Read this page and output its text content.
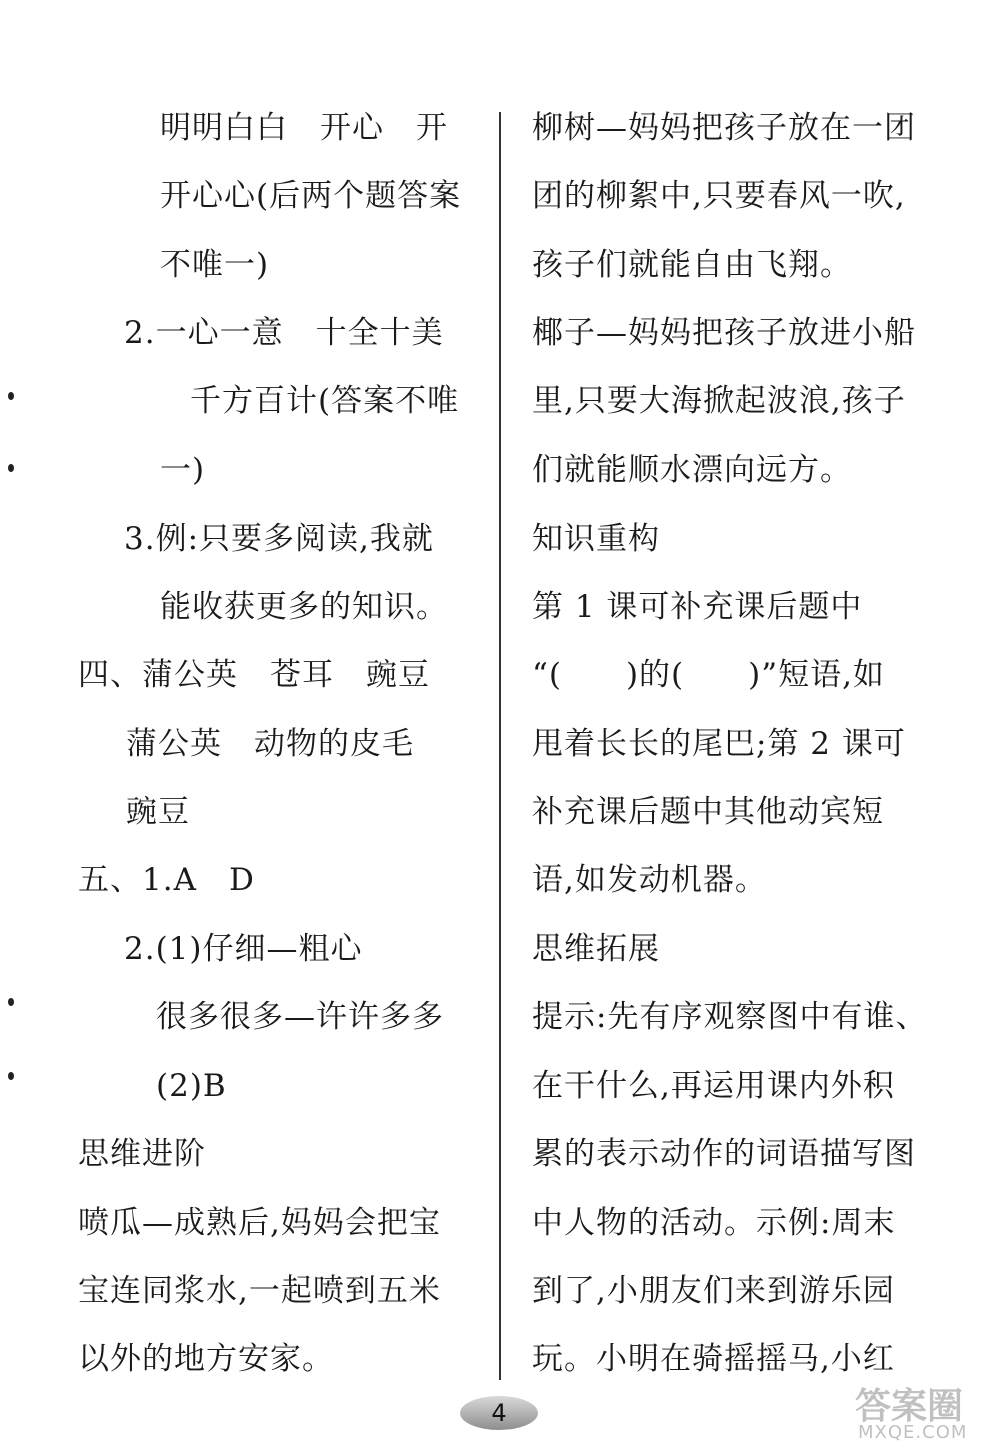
明明白白　开心　开
开心心(后两个题答案
不唯一)
2.一心一意　十全十美
千方百计(答案不唯
一)
3.例:只要多阅读,我就
能收获更多的知识。
四、蒲公英　苍耳　豌豆
蒲公英　动物的皮毛
豌豆
五、1.A　D
2.(1)仔细—粗心
很多很多—许许多多
(2)B
思维进阶
喷瓜—成熟后,妈妈会把宝
宝连同浆水,一起喷到五米
以外的地方安家。
柳树—妈妈把孩子放在一团
团的柳絮中,只要春风一吹,
孩子们就能自由飞翔。
椰子—妈妈把孩子放进小船
里,只要大海掀起波浪,孩子
们就能顺水漂向远方。
知识重构
第 1 课可补充课后题中
“(　　)的(　　)”短语,如
甩着长长的尾巴;第 2 课可
补充课后题中其他动宾短
语,如发动机器。
思维拓展
提示:先有序观察图中有谁、
在干什么,再运用课内外积
累的表示动作的词语描写图
中人物的活动。示例:周末
到了,小朋友们来到游乐园
玩。小明在骑摇摇马,小红
4	答案圈
MXQE.COM
